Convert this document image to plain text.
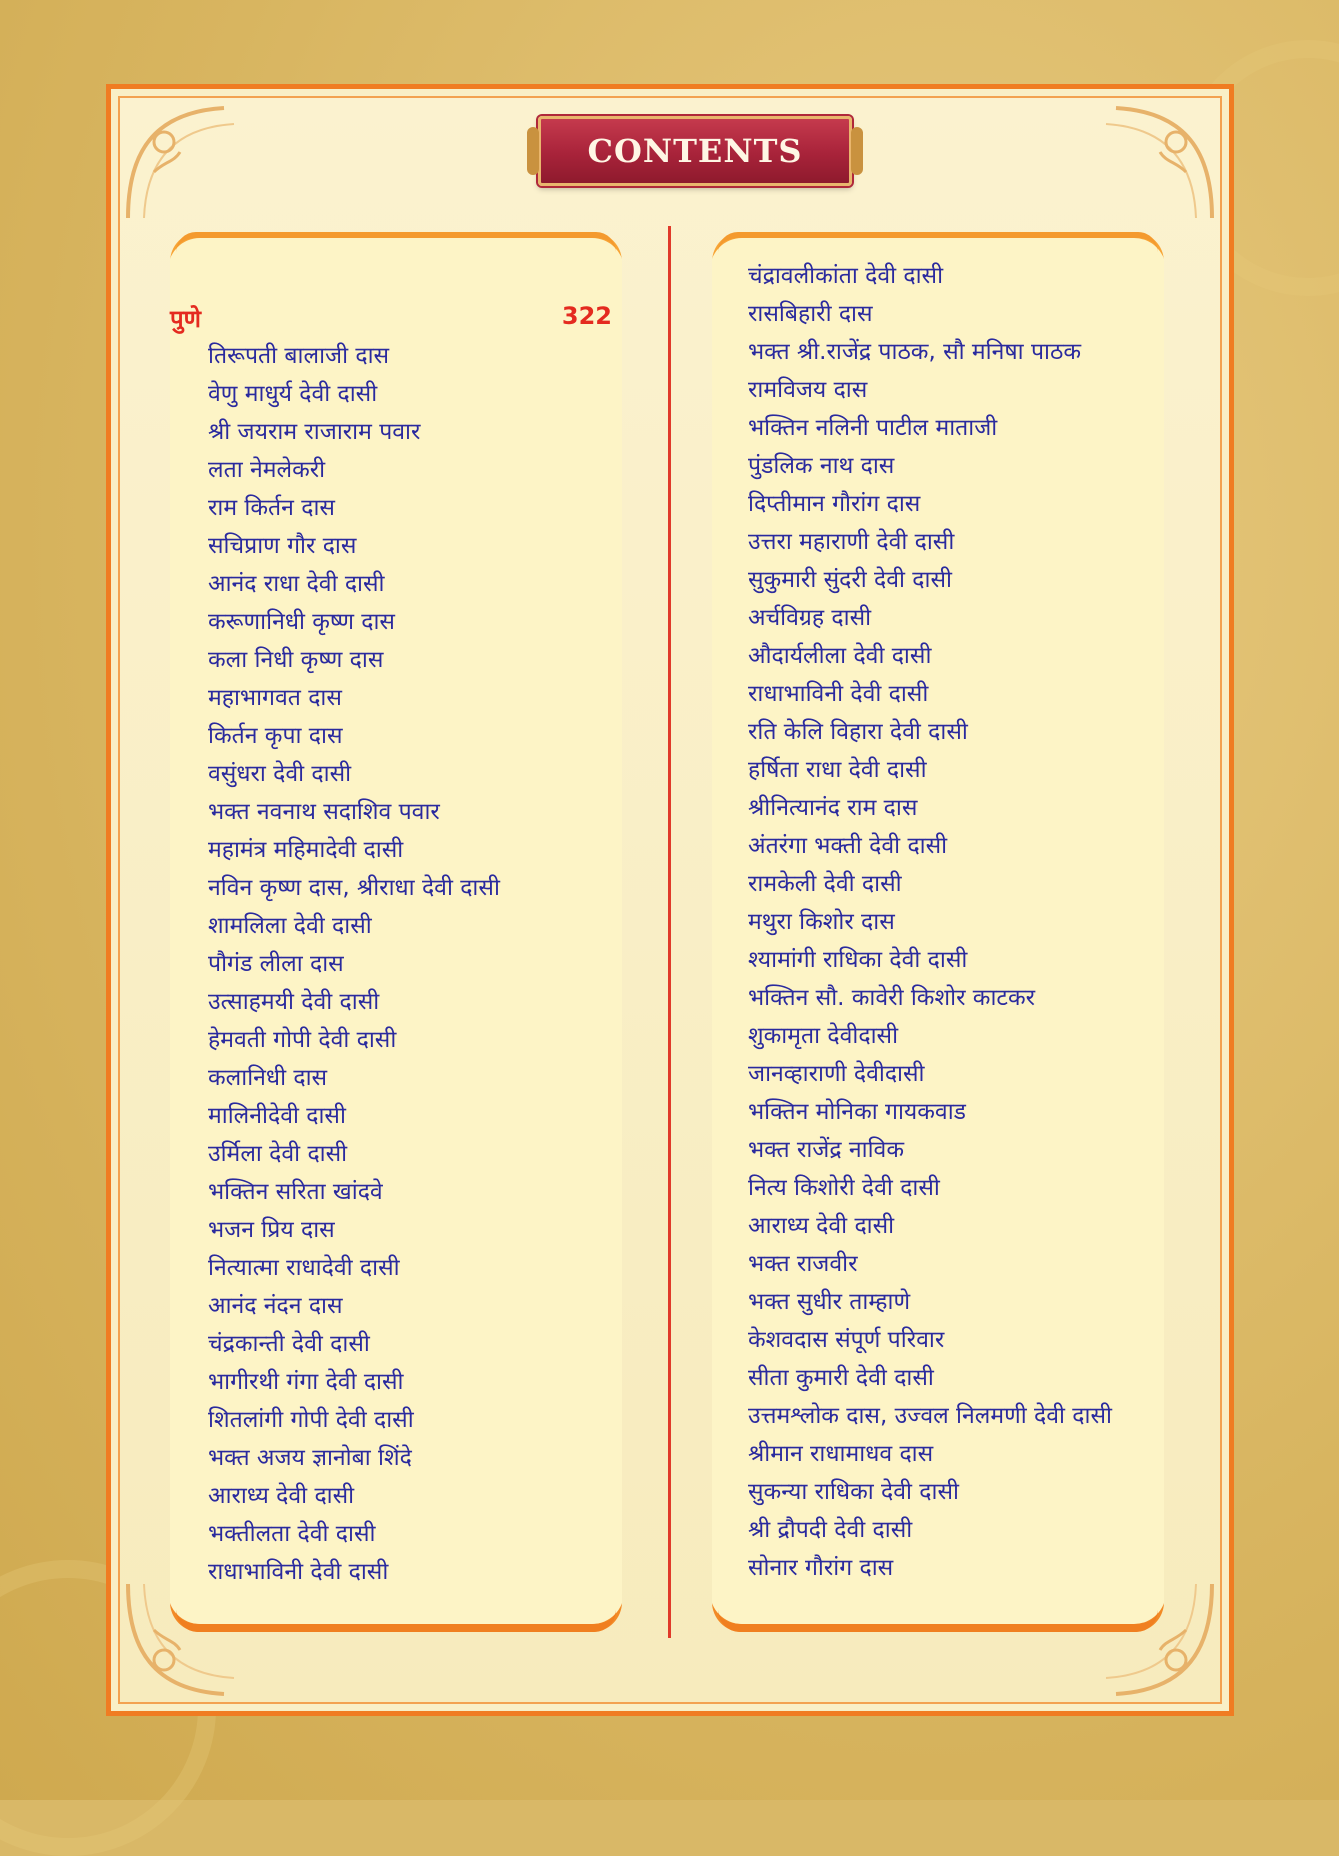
CONTENTS
पुणे	322
तिरूपती बालाजी दास
वेणु माधुर्य देवी दासी
श्री जयराम राजाराम पवार
लता नेमलेकरी
राम किर्तन दास
सचिप्राण गौर दास
आनंद राधा देवी दासी
करूणानिधी कृष्ण दास
कला निधी कृष्ण दास
महाभागवत दास
किर्तन कृपा दास
वसुंधरा देवी दासी
भक्त नवनाथ सदाशिव पवार
महामंत्र महिमादेवी दासी
नविन कृष्ण दास, श्रीराधा देवी दासी
शामलिला देवी दासी
पौगंड लीला दास
उत्साहमयी देवी दासी
हेमवती गोपी देवी दासी
कलानिधी दास
मालिनीदेवी दासी
उर्मिला देवी दासी
भक्तिन सरिता खांदवे
भजन प्रिय दास
नित्यात्मा राधादेवी दासी
आनंद नंदन दास
चंद्रकान्ती देवी दासी
भागीरथी गंगा देवी दासी
शितलांगी गोपी देवी दासी
भक्त अजय ज्ञानोबा शिंदे
आराध्य देवी दासी
भक्तीलता देवी दासी
राधाभाविनी देवी दासी
चंद्रावलीकांता देवी दासी
रासबिहारी दास
भक्त श्री.राजेंद्र पाठक, सौ मनिषा पाठक
रामविजय दास
भक्तिन नलिनी पाटील माताजी
पुंडलिक नाथ दास
दिप्तीमान गौरांग दास
उत्तरा महाराणी देवी दासी
सुकुमारी सुंदरी देवी दासी
अर्चविग्रह दासी
औदार्यलीला देवी दासी
राधाभाविनी देवी दासी
रति केलि विहारा देवी दासी
हर्षिता राधा देवी दासी
श्रीनित्यानंद राम दास
अंतरंगा भक्ती देवी दासी
रामकेली देवी दासी
मथुरा किशोर दास
श्यामांगी राधिका देवी दासी
भक्तिन सौ. कावेरी किशोर काटकर
शुकामृता देवीदासी
जानव्हाराणी देवीदासी
भक्तिन मोनिका गायकवाड
भक्त राजेंद्र नाविक
नित्य किशोरी देवी दासी
आराध्य देवी दासी
भक्त राजवीर
भक्त सुधीर ताम्हाणे
केशवदास संपूर्ण परिवार
सीता कुमारी देवी दासी
उत्तमश्लोक दास, उज्वल निलमणी देवी दासी
श्रीमान राधामाधव दास
सुकन्या राधिका देवी दासी
श्री द्रौपदी देवी दासी
सोनार गौरांग दास
